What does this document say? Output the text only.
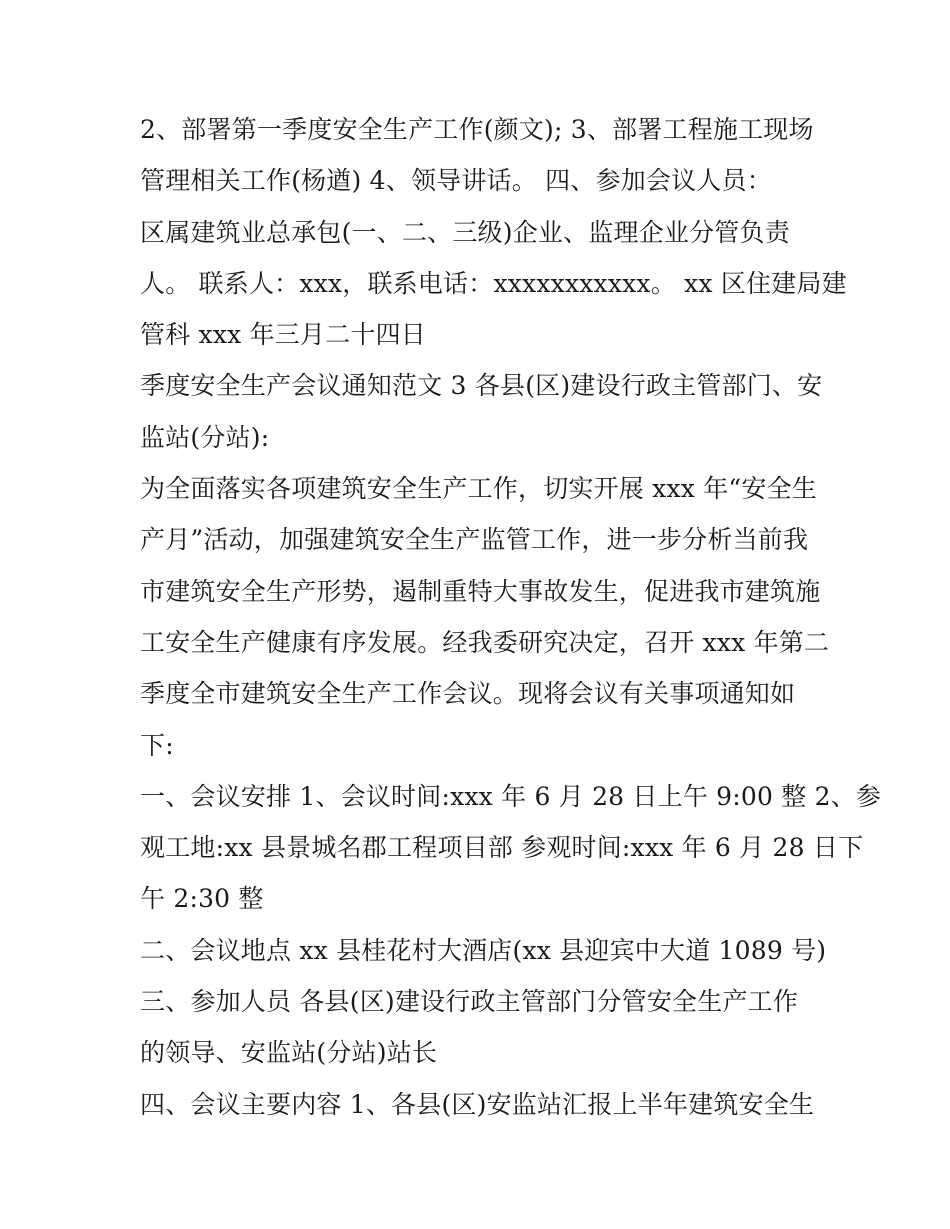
2、部署第一季度安全生产工作(颜文); 3、部署工程施工现场
管理相关工作(杨遒) 4、领导讲话。 四、参加会议人员：
区属建筑业总承包(一、二、三级)企业、监理企业分管负责
人。 联系人：xxx，联系电话：xxxxxxxxxxx。 xx 区住建局建
管科 xxx 年三月二十四日
季度安全生产会议通知范文 3 各县(区)建设行政主管部门、安
监站(分站):
为全面落实各项建筑安全生产工作，切实开展 xxx 年“安全生
产月”活动，加强建筑安全生产监管工作，进一步分析当前我
市建筑安全生产形势，遏制重特大事故发生，促进我市建筑施
工安全生产健康有序发展。经我委研究决定，召开 xxx 年第二
季度全市建筑安全生产工作会议。现将会议有关事项通知如
下:
一、会议安排 1、会议时间:xxx 年 6 月 28 日上午 9:00 整 2、参
观工地:xx 县景城名郡工程项目部 参观时间:xxx 年 6 月 28 日下
午 2:30 整
二、会议地点 xx 县桂花村大酒店(xx 县迎宾中大道 1089 号)
三、参加人员 各县(区)建设行政主管部门分管安全生产工作
的领导、安监站(分站)站长
四、会议主要内容 1、各县(区)安监站汇报上半年建筑安全生
